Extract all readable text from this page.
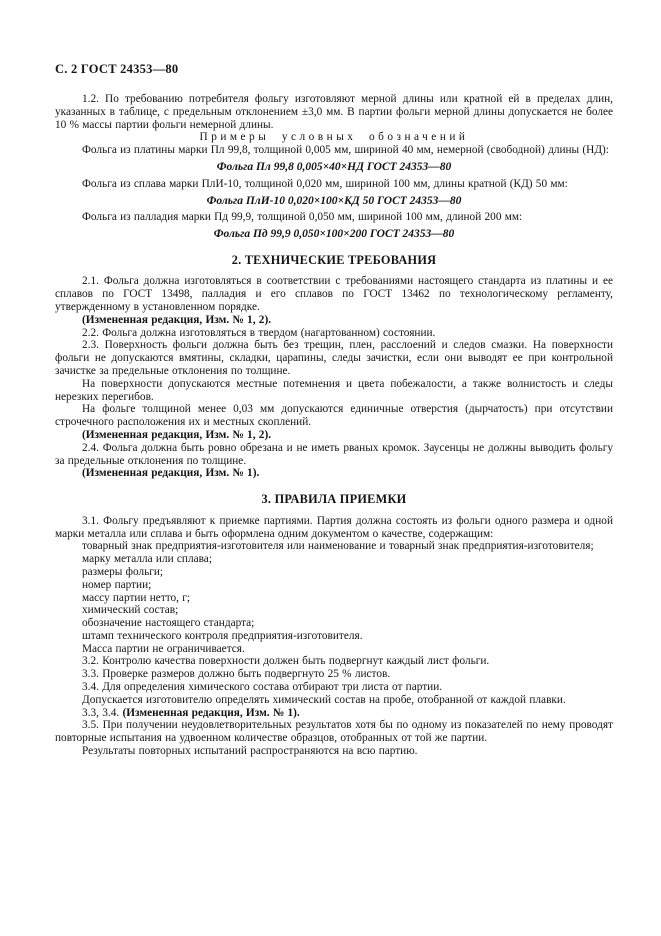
С. 2 ГОСТ 24353—80

1.2. По требованию потребителя фольгу изготовляют мерной длины или кратной ей в пределах длин, указанных в таблице, с предельным отклонением ±3,0 мм. В партии фольги мерной длины допускается не более 10 % массы партии фольги немерной длины.

Примеры условных обозначений

Фольга из платины марки Пл 99,8, толщиной 0,005 мм, шириной 40 мм, немерной (свободной) длины (НД):

Фольга Пл 99,8 0,005×40×НД ГОСТ 24353—80

Фольга из сплава марки ПлИ-10, толщиной 0,020 мм, шириной 100 мм, длины кратной (КД) 50 мм:

Фольга ПлИ-10 0,020×100×КД 50 ГОСТ 24353—80

Фольга из палладия марки Пд 99,9, толщиной 0,050 мм, шириной 100 мм, длиной 200 мм:

Фольга Пд 99,9 0,050×100×200 ГОСТ 24353—80

2. ТЕХНИЧЕСКИЕ ТРЕБОВАНИЯ

2.1. Фольга должна изготовляться в соответствии с требованиями настоящего стандарта из платины и ее сплавов по ГОСТ 13498, палладия и его сплавов по ГОСТ 13462 по технологическому регламенту, утвержденному в установленном порядке.

(Измененная редакция, Изм. № 1, 2).

2.2. Фольга должна изготовляться в твердом (нагартованном) состоянии.

2.3. Поверхность фольги должна быть без трещин, плен, расслоений и следов смазки. На поверхности фольги не допускаются вмятины, складки, царапины, следы зачистки, если они выводят ее при контрольной зачистке за предельные отклонения по толщине.

На поверхности допускаются местные потемнения и цвета побежалости, а также волнистость и следы нерезких перегибов.

На фольге толщиной менее 0,03 мм допускаются единичные отверстия (дырчатость) при отсутствии строчечного расположения их и местных скоплений.

(Измененная редакция, Изм. № 1, 2).

2.4. Фольга должна быть ровно обрезана и не иметь рваных кромок. Заусенцы не должны выводить фольгу за предельные отклонения по толщине.

(Измененная редакция, Изм. № 1).

3. ПРАВИЛА ПРИЕМКИ

3.1. Фольгу предъявляют к приемке партиями. Партия должна состоять из фольги одного размера и одной марки металла или сплава и быть оформлена одним документом о качестве, содержащим:

товарный знак предприятия-изготовителя или наименование и товарный знак предприятия-изготовителя;

марку металла или сплава;

размеры фольги;

номер партии;

массу партии нетто, г;

химический состав;

обозначение настоящего стандарта;

штамп технического контроля предприятия-изготовителя.

Масса партии не ограничивается.

3.2. Контролю качества поверхности должен быть подвергнут каждый лист фольги.

3.3. Проверке размеров должно быть подвергнуто 25 % листов.

3.4. Для определения химического состава отбирают три листа от партии.

Допускается изготовителю определять химический состав на пробе, отобранной от каждой плавки.

3.3, 3.4. (Измененная редакция, Изм. № 1).

3.5. При получении неудовлетворительных результатов хотя бы по одному из показателей по нему проводят повторные испытания на удвоенном количестве образцов, отобранных от той же партии.

Результаты повторных испытаний распространяются на всю партию.
